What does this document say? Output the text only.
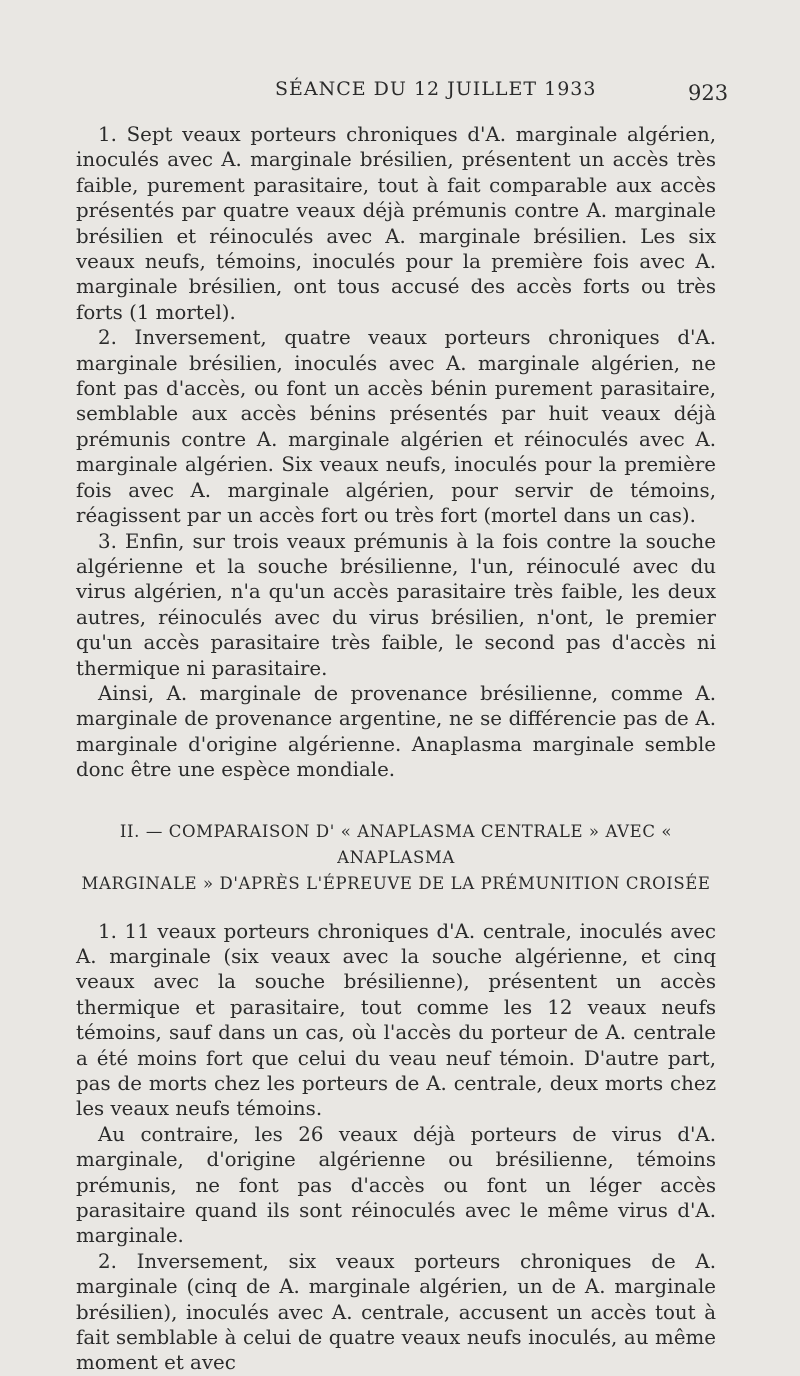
SÉANCE DU 12 JUILLET 1933	923

1. Sept veaux porteurs chroniques d'A. marginale algérien, inoculés avec A. marginale brésilien, présentent un accès très faible, purement parasitaire, tout à fait comparable aux accès présentés par quatre veaux déjà prémunis contre A. marginale brésilien et réinoculés avec A. marginale brésilien. Les six veaux neufs, témoins, inoculés pour la première fois avec A. marginale brésilien, ont tous accusé des accès forts ou très forts (1 mortel).

2. Inversement, quatre veaux porteurs chroniques d'A. marginale brésilien, inoculés avec A. marginale algérien, ne font pas d'accès, ou font un accès bénin purement parasitaire, semblable aux accès bénins présentés par huit veaux déjà prémunis contre A. marginale algérien et réinoculés avec A. marginale algérien. Six veaux neufs, inoculés pour la première fois avec A. marginale algérien, pour servir de témoins, réagissent par un accès fort ou très fort (mortel dans un cas).

3. Enfin, sur trois veaux prémunis à la fois contre la souche algérienne et la souche brésilienne, l'un, réinoculé avec du virus algérien, n'a qu'un accès parasitaire très faible, les deux autres, réinoculés avec du virus brésilien, n'ont, le premier qu'un accès parasitaire très faible, le second pas d'accès ni thermique ni parasitaire.

Ainsi, A. marginale de provenance brésilienne, comme A. marginale de provenance argentine, ne se différencie pas de A. marginale d'origine algérienne. Anaplasma marginale semble donc être une espèce mondiale.

II. — COMPARAISON D' « ANAPLASMA CENTRALE » AVEC « ANAPLASMA
MARGINALE » D'APRÈS L'ÉPREUVE DE LA PRÉMUNITION CROISÉE

1. 11 veaux porteurs chroniques d'A. centrale, inoculés avec A. marginale (six veaux avec la souche algérienne, et cinq veaux avec la souche brésilienne), présentent un accès thermique et parasitaire, tout comme les 12 veaux neufs témoins, sauf dans un cas, où l'accès du porteur de A. centrale a été moins fort que celui du veau neuf témoin. D'autre part, pas de morts chez les porteurs de A. centrale, deux morts chez les veaux neufs témoins.

Au contraire, les 26 veaux déjà porteurs de virus d'A. marginale, d'origine algérienne ou brésilienne, témoins prémunis, ne font pas d'accès ou font un léger accès parasitaire quand ils sont réinoculés avec le même virus d'A. marginale.

2. Inversement, six veaux porteurs chroniques de A. marginale (cinq de A. marginale algérien, un de A. marginale brésilien), inoculés avec A. centrale, accusent un accès tout à fait semblable à celui de quatre veaux neufs inoculés, au même moment et avec
